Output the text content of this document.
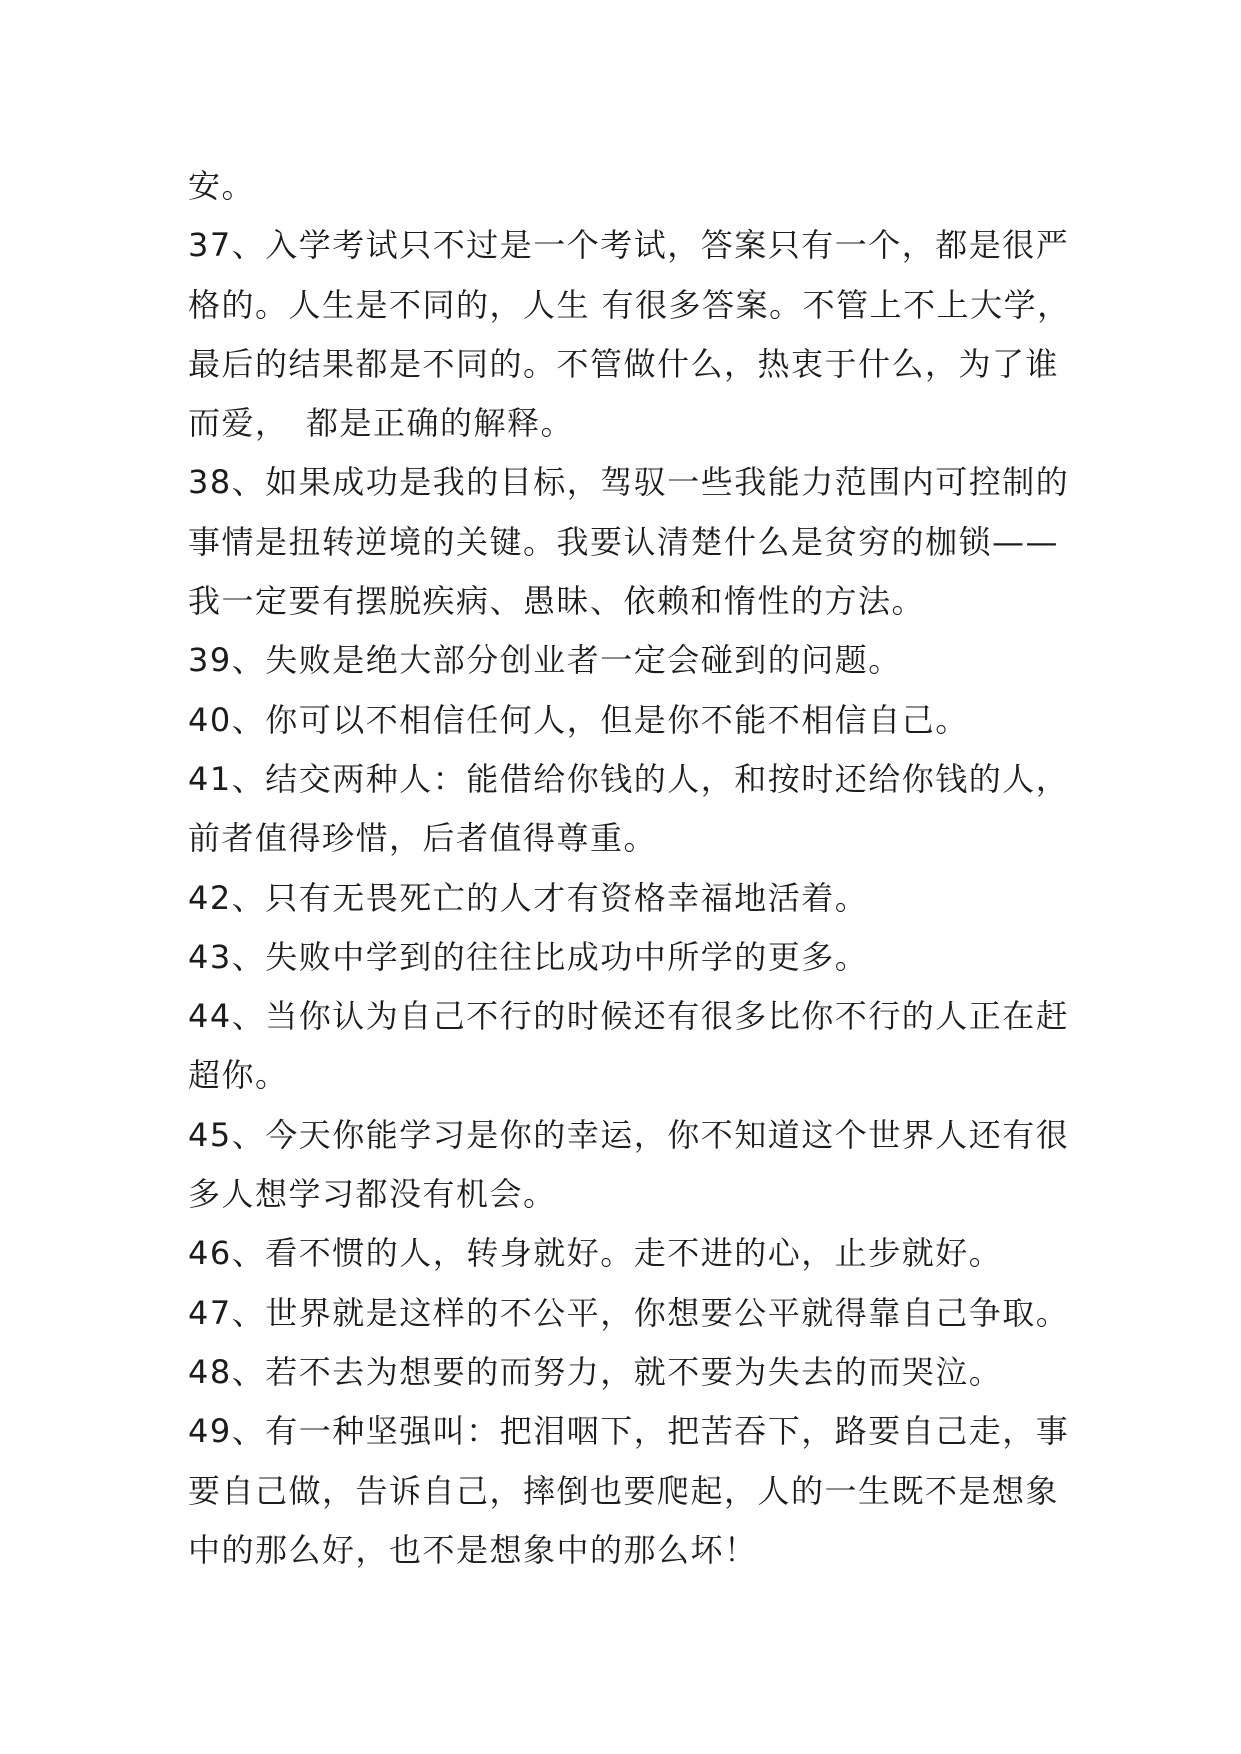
安。
37、入学考试只不过是一个考试，答案只有一个，都是很严
格的。人生是不同的，人生 有很多答案。不管上不上大学，
最后的结果都是不同的。不管做什么，热衷于什么，为了谁
而爱，　都是正确的解释。
38、如果成功是我的目标，驾驭一些我能力范围内可控制的
事情是扭转逆境的关键。我要认清楚什么是贫穷的枷锁——
我一定要有摆脱疾病、愚昧、依赖和惰性的方法。
39、失败是绝大部分创业者一定会碰到的问题。
40、你可以不相信任何人，但是你不能不相信自己。
41、结交两种人：能借给你钱的人，和按时还给你钱的人，
前者值得珍惜，后者值得尊重。
42、只有无畏死亡的人才有资格幸福地活着。
43、失败中学到的往往比成功中所学的更多。
44、当你认为自己不行的时候还有很多比你不行的人正在赶
超你。
45、今天你能学习是你的幸运，你不知道这个世界人还有很
多人想学习都没有机会。
46、看不惯的人，转身就好。走不进的心，止步就好。
47、世界就是这样的不公平，你想要公平就得靠自己争取。
48、若不去为想要的而努力，就不要为失去的而哭泣。
49、有一种坚强叫：把泪咽下，把苦吞下，路要自己走，事
要自己做，告诉自己，摔倒也要爬起，人的一生既不是想象
中的那么好，也不是想象中的那么坏！
